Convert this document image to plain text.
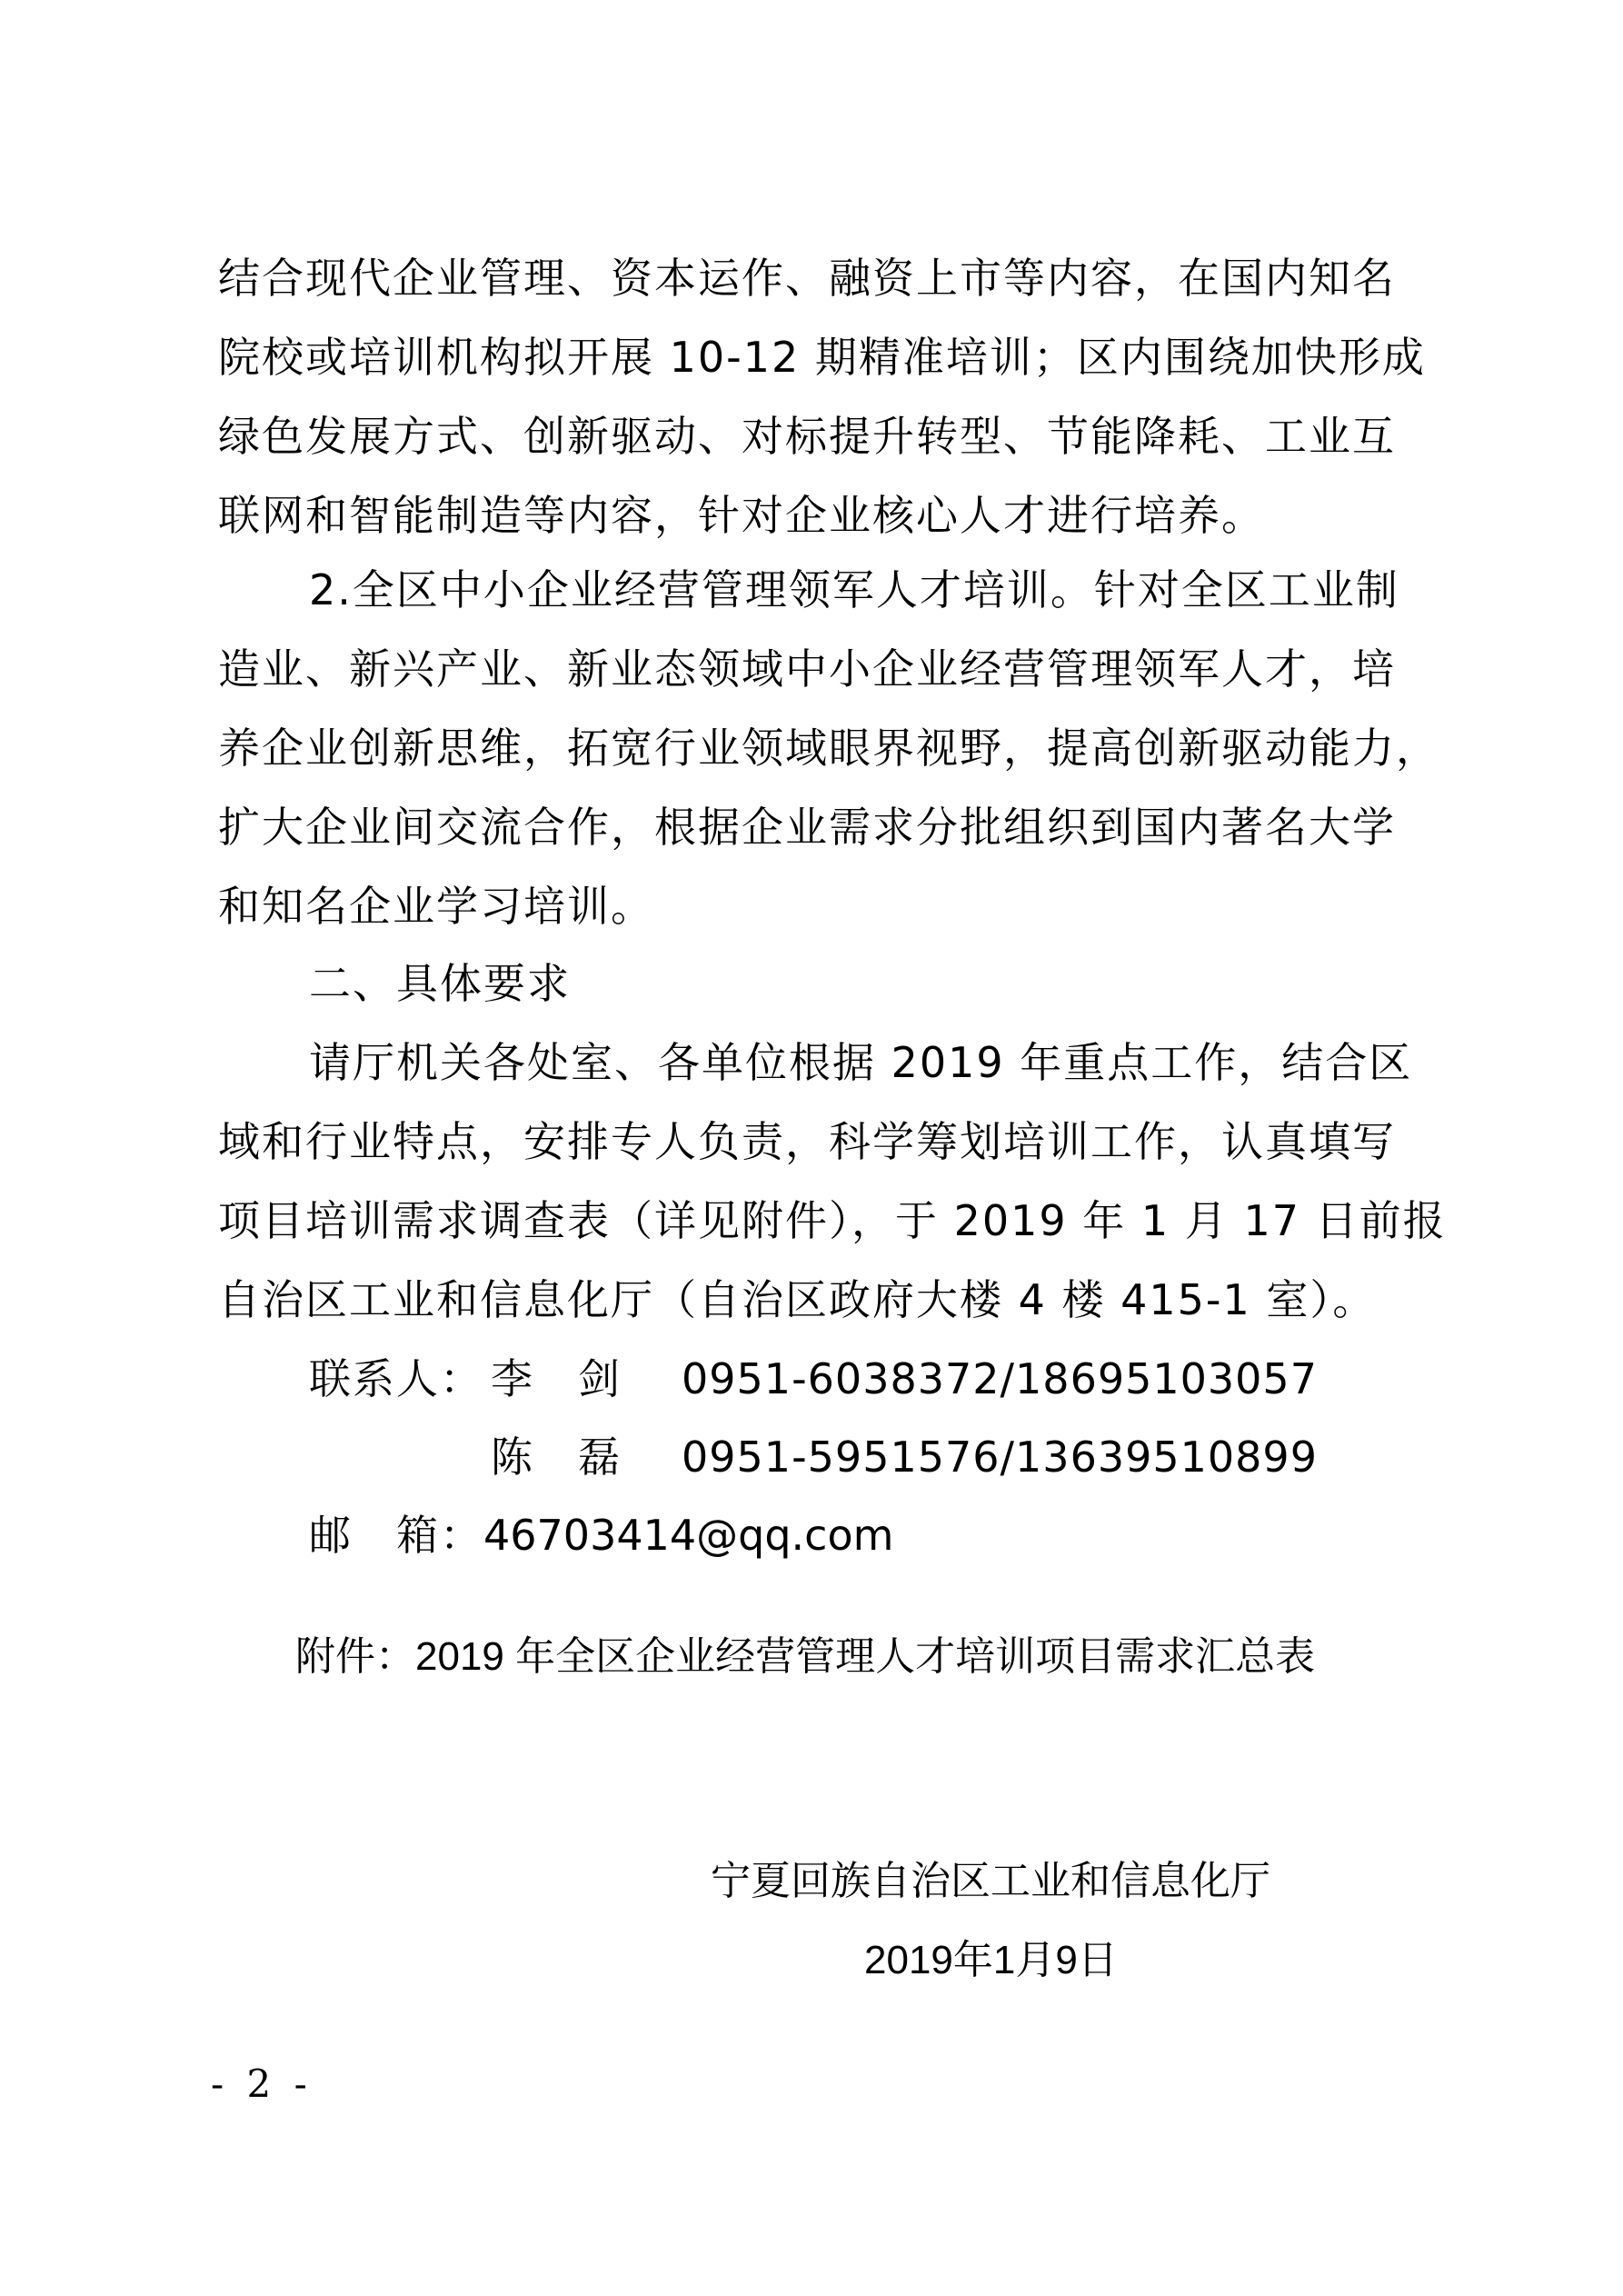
结合现代企业管理、资本运作、融资上市等内容，在国内知名
院校或培训机构拟开展 10-12 期精准培训；区内围绕加快形成
绿色发展方式、创新驱动、对标提升转型、节能降耗、工业互
联网和智能制造等内容，针对企业核心人才进行培养。
2.全区中小企业经营管理领军人才培训。针对全区工业制
造业、新兴产业、新业态领域中小企业经营管理领军人才，培
养企业创新思维，拓宽行业领域眼界视野，提高创新驱动能力，
扩大企业间交流合作，根据企业需求分批组织到国内著名大学
和知名企业学习培训。
二、具体要求
请厅机关各处室、各单位根据 2019 年重点工作，结合区
域和行业特点，安排专人负责，科学筹划培训工作，认真填写
项目培训需求调查表（详见附件），于 2019 年 1 月 17 日前报
自治区工业和信息化厅（自治区政府大楼 4 楼 415-1 室）。
联系人： 李　剑 0951-6038372/18695103057
陈　磊 0951-5951576/13639510899
邮　箱：46703414@qq.com
附件：2019 年全区企业经营管理人才培训项目需求汇总表
宁夏回族自治区工业和信息化厅
2019年1月9日
- 2 -
